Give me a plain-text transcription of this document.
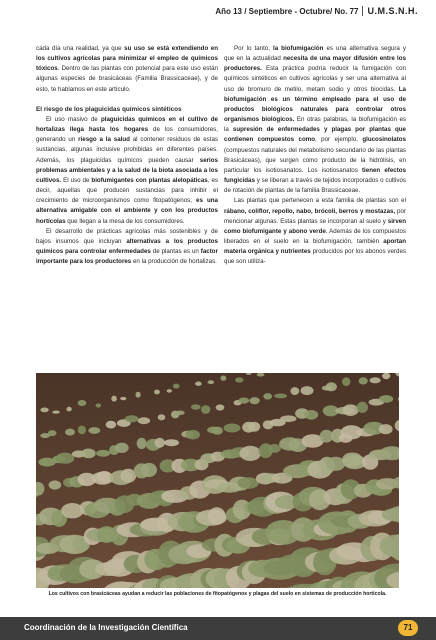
Año 13 / Septiembre - Octubre/ No. 77 U.M.S.N.H.

cada día una realidad, ya que su uso se está extendiendo en los cultivos agrícolas para minimizar el empleo de químicos tóxicos. Dentro de las plantas con potencial para este uso están algunas especies de brasicáceas (Familia Brassicaceae), y de esto, te hablamos en este artículo.

El riesgo de los plaguicidas químicos sintéticos

El uso masivo de plaguicidas químicos en el cultivo de hortalizas llega hasta los hogares de los consumidores, generando un riesgo a la salud al contener residuos de estas sustancias, algunas inclusive prohibidas en diferentes países. Además, los plaguicidas químicos pueden causar serios problemas ambientales y a la salud de la biota asociada a los cultivos. El uso de biofumigantes con plantas alelopáticas, es decir, aquellas que producen sustancias para inhibir el crecimiento de microorganismos como fitopatógenos, es una alternativa amigable con el ambiente y con los productos hortícolas que llegan a la mesa de los consumidores.

El desarrollo de prácticas agrícolas más sostenibles y de bajos insumos que incluyan alternativas a los productos químicos para controlar enfermedades de plantas es un factor importante para los productores en la producción de hortalizas.

Por lo tanto, la biofumigación es una alternativa segura y que en la actualidad necesita de una mayor difusión entre los productores. Esta práctica podría reducir la fumigación con químicos sintéticos en cultivos agrícolas y ser una alternativa al uso de bromuro de metilo, metam sodio y otros biocidas. La biofumigación es un término empleado para el uso de productos biológicos naturales para controlar otros organismos biológicos. En otras palabras, la biofumigación es la supresión de enfermedades y plagas por plantas que contienen compuestos como, por ejemplo, glucosinolatos (compuestos naturales del metabolismo secundario de las plantas Brasicáceas), que surgen como producto de la hidrólisis, en particular los isotiosanatos. Los isotiosanatos tienen efectos fungicidas y se liberan a través de tejidos incorporados o cultivos de rotación de plantas de la familia Brassicaceae.

Las plantas que pertenecen a esta familia de plantas son el rábano, coliflor, repollo, nabo, brócoli, berros y mostazas, por mencionar algunas. Estas plantas se incorporan al suelo y sirven como biofumigante y abono verde. Además de los compuestos liberados en el suelo en la biofumigación, también aportan materia orgánica y nutrientes producidos por los abonos verdes que son utiliza-

Los cultivos con brasicáceas ayudan a reducir las poblaciones de fitopatógenos y plagas del suelo en sistemas de producción hortícola.
Coordinación de la Investigación Científica	71
